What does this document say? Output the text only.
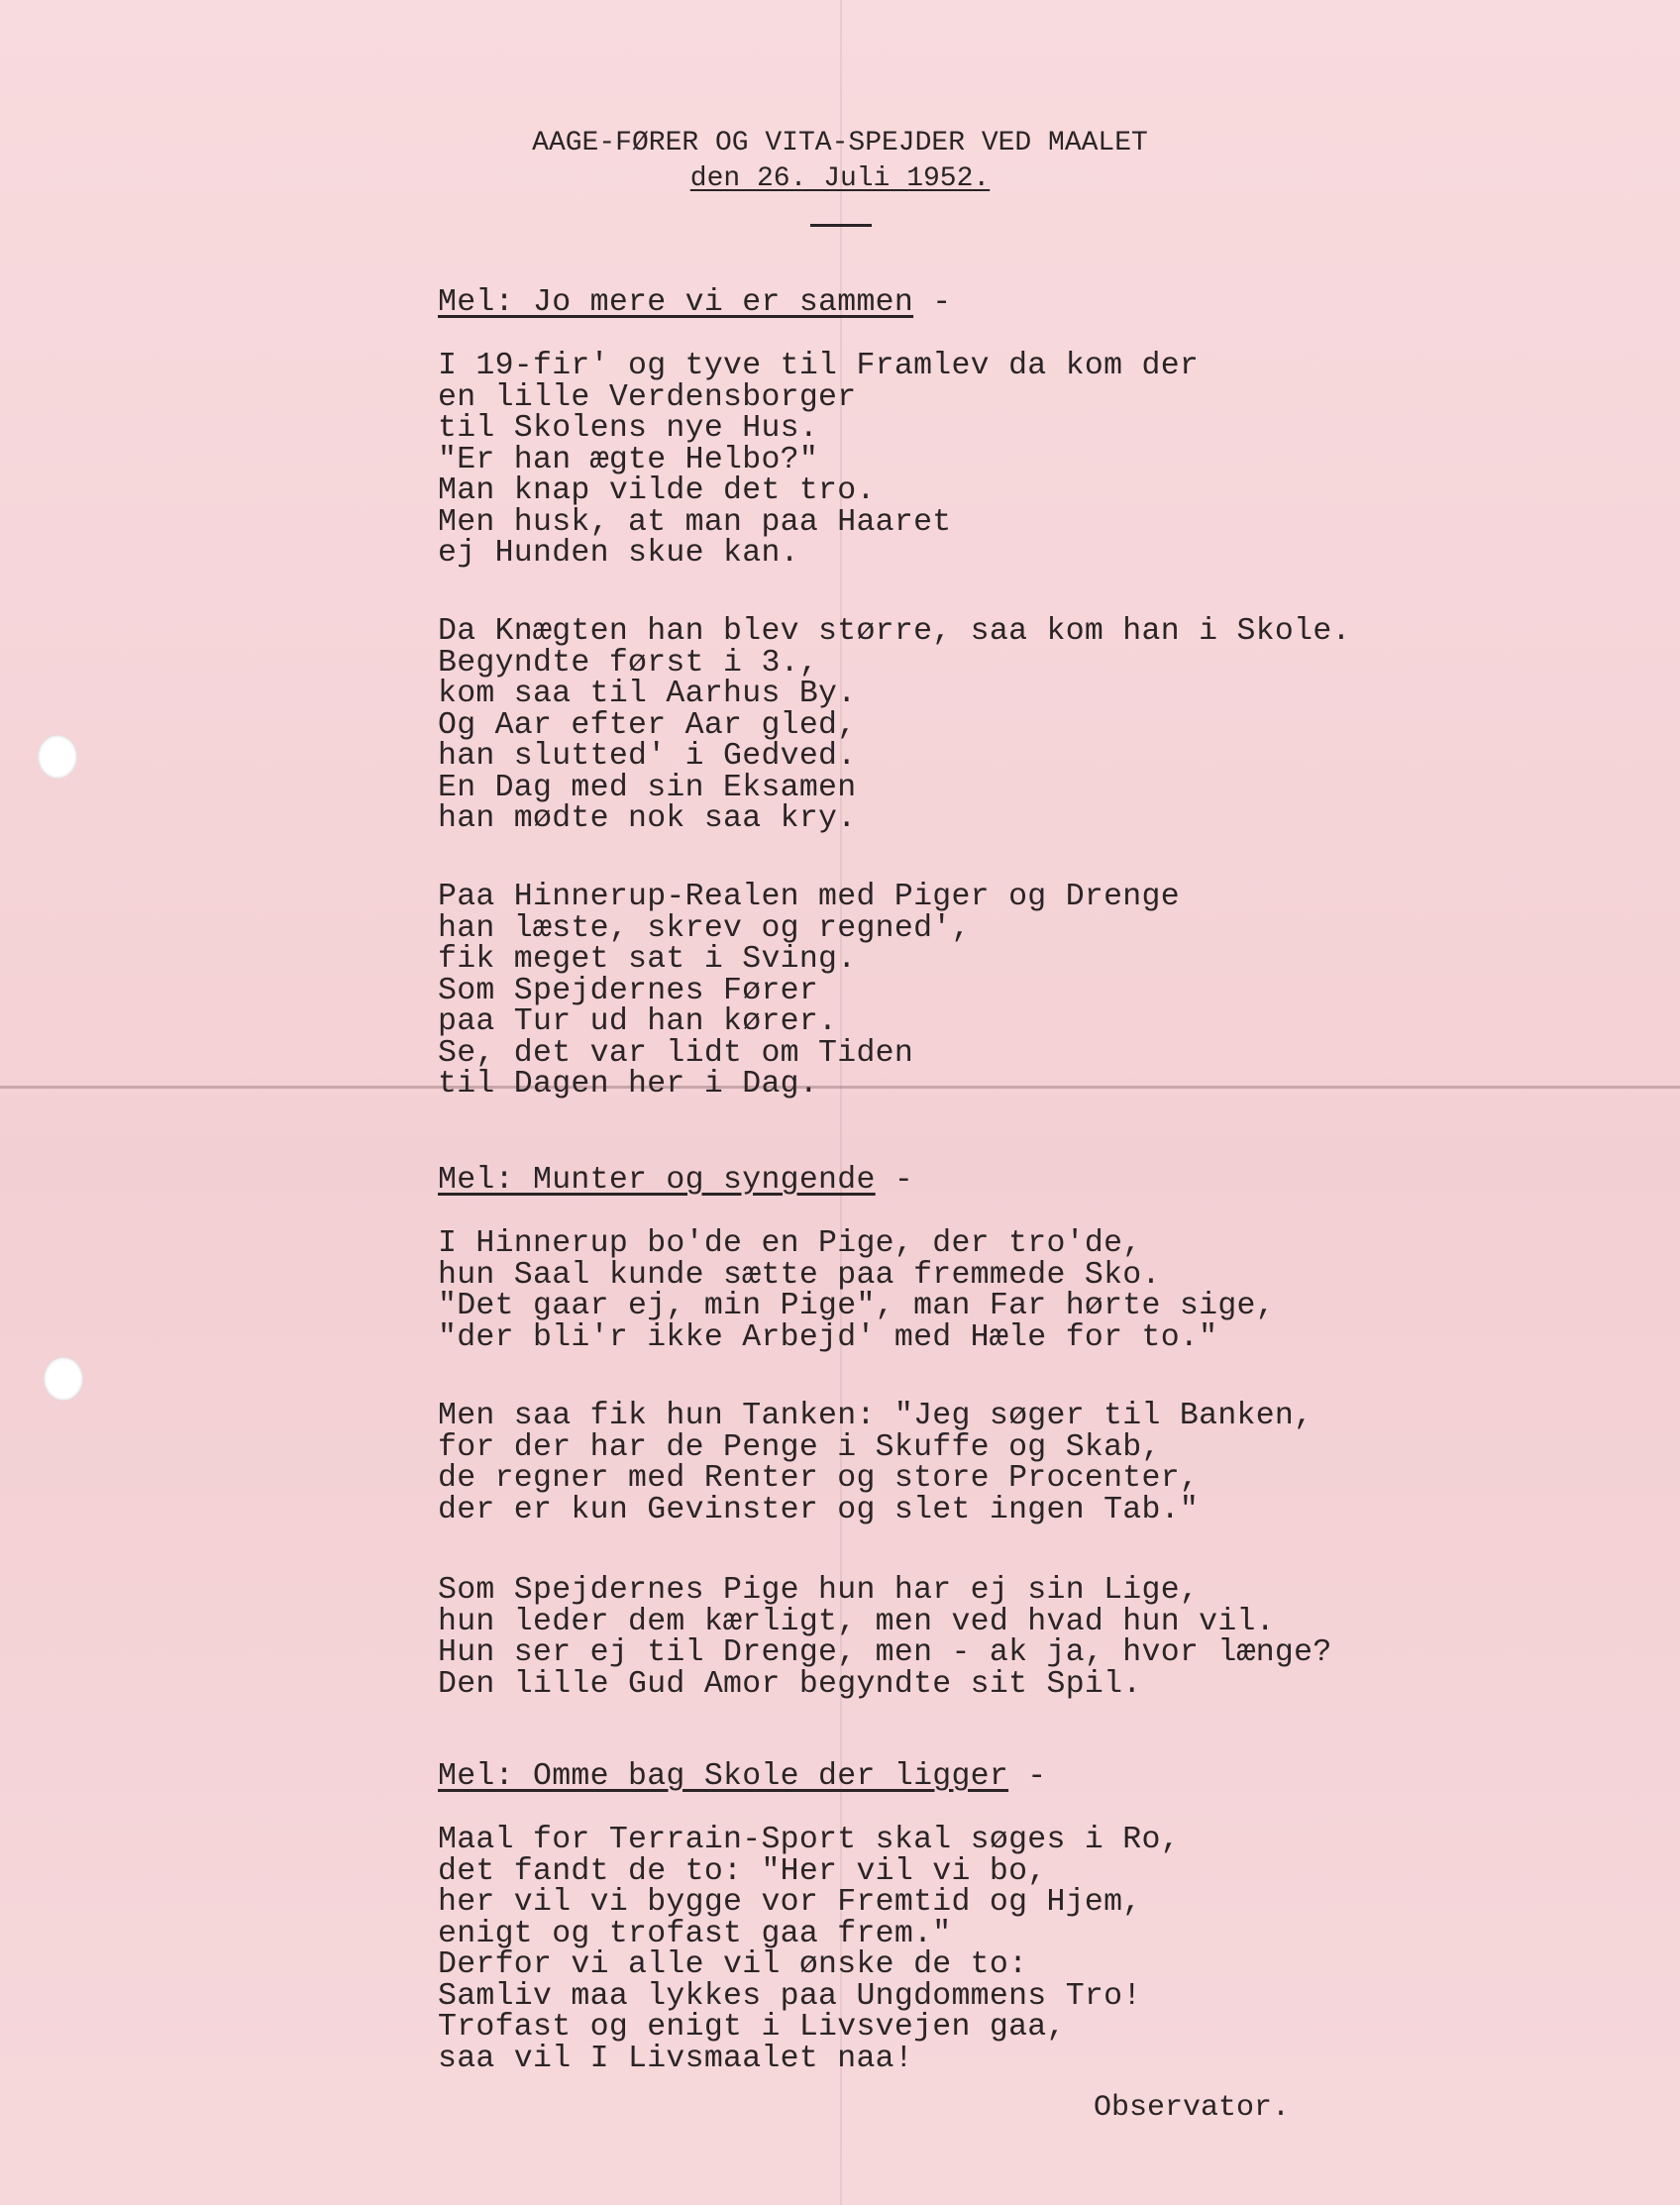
AAGE-FØRER OG VITA-SPEJDER VED MAALET
den 26. Juli 1952.
Mel: Jo mere vi er sammen -
I 19-fir' og tyve til Framlev da kom der
en lille Verdensborger
til Skolens nye Hus.
"Er han ægte Helbo?"
Man knap vilde det tro.
Men husk, at man paa Haaret
ej Hunden skue kan.
Da Knægten han blev større, saa kom han i Skole.
Begyndte først i 3.,
kom saa til Aarhus By.
Og Aar efter Aar gled,
han slutted' i Gedved.
En Dag med sin Eksamen
han mødte nok saa kry.
Paa Hinnerup-Realen med Piger og Drenge
han læste, skrev og regned',
fik meget sat i Sving.
Som Spejdernes Fører
paa Tur ud han kører.
Se, det var lidt om Tiden
til Dagen her i Dag.
Mel: Munter og syngende -
I Hinnerup bo'de en Pige, der tro'de,
hun Saal kunde sætte paa fremmede Sko.
"Det gaar ej, min Pige", man Far hørte sige,
"der bli'r ikke Arbejd' med Hæle for to."
Men saa fik hun Tanken: "Jeg søger til Banken,
for der har de Penge i Skuffe og Skab,
de regner med Renter og store Procenter,
der er kun Gevinster og slet ingen Tab."
Som Spejdernes Pige hun har ej sin Lige,
hun leder dem kærligt, men ved hvad hun vil.
Hun ser ej til Drenge, men - ak ja, hvor længe?
Den lille Gud Amor begyndte sit Spil.
Mel: Omme bag Skole der ligger -
Maal for Terrain-Sport skal søges i Ro,
det fandt de to: "Her vil vi bo,
her vil vi bygge vor Fremtid og Hjem,
enigt og trofast gaa frem."
Derfor vi alle vil ønske de to:
Samliv maa lykkes paa Ungdommens Tro!
Trofast og enigt i Livsvejen gaa,
saa vil I Livsmaalet naa!
Observator.
